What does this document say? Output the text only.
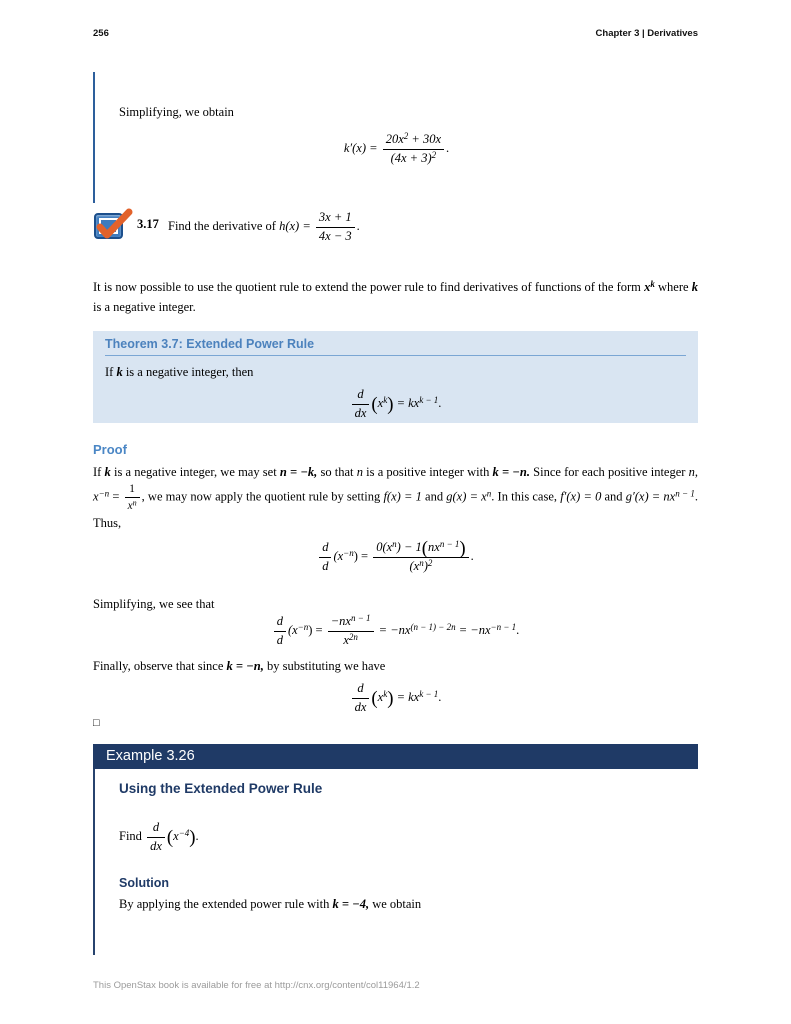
256	Chapter 3 | Derivatives
Simplifying, we obtain
$k'(x) = \frac{20x^2 + 30x}{(4x + 3)^2}$ .
3.17 Find the derivative of $h(x) = \frac{3x + 1}{4x - 3}$ .
It is now possible to use the quotient rule to extend the power rule to find derivatives of functions of the form $x^k$ where k is a negative integer.
Theorem 3.7: Extended Power Rule
If k is a negative integer, then
$\frac{d}{dx} (x^k) = kx^{k - 1}$.
Proof
If k is a negative integer, we may set n = −k, so that n is a positive integer with k = −n. Since for each positive integer n, $x^{-n} = \frac{1}{x^n}$ , we may now apply the quotient rule by setting f(x) = 1 and $g(x) = x^n$. In this case, f′(x) = 0 and $g'(x) = nx^{n - 1}$. Thus,
$\frac{d}{d} (x^{-n}) = \frac{0(x^n) - 1(nx^{n - 1})}{(x^n)^2}$ .
Simplifying, we see that
$\frac{d}{d} (x^{-n}) = \frac{-nx^{n - 1}}{x^{2n}} = -nx^{(n - 1) - 2n} = -nx^{-n - 1}$.
Finally, observe that since k = −n, by substituting we have
$\frac{d}{dx} (x^k) = kx^{k - 1}$.
□
Example 3.26
Using the Extended Power Rule
Find $\frac{d}{dx} (x^{-4})$.
Solution
By applying the extended power rule with k = −4, we obtain
This OpenStax book is available for free at http://cnx.org/content/col11964/1.2
